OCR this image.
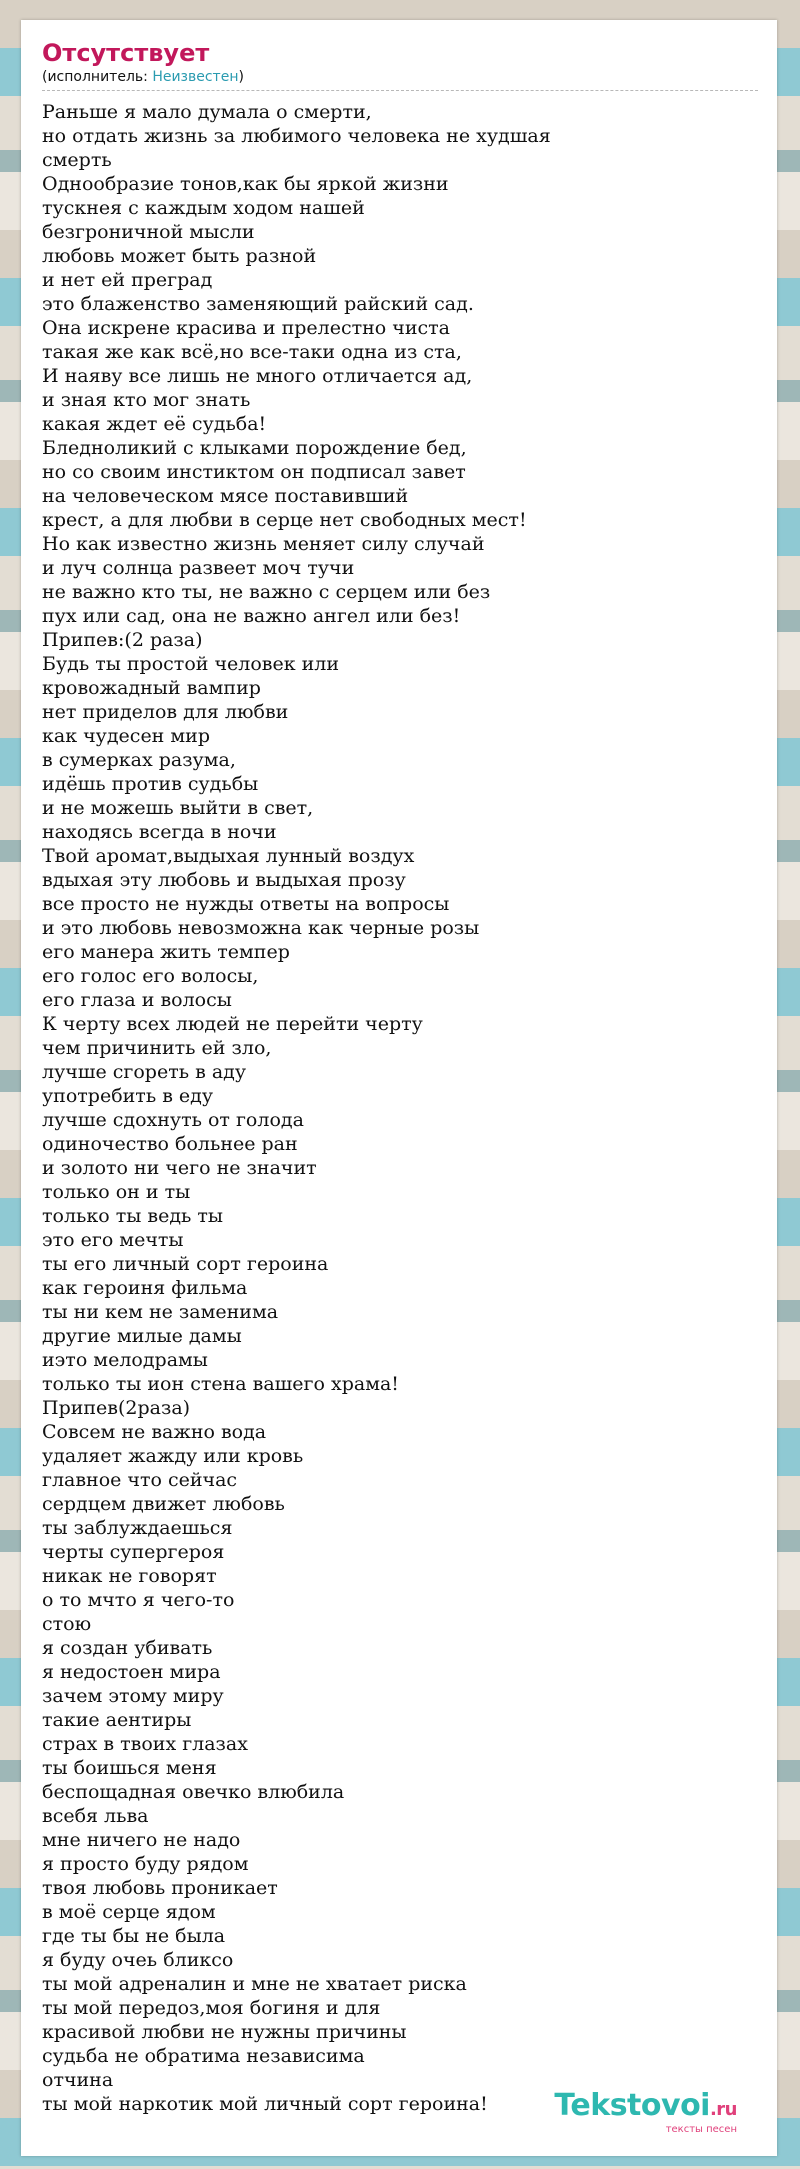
Отсутствует
(исполнитель: Неизвестен)
Раньше я мало думала о смерти,
но отдать жизнь за любимого человека не худшая
смерть
Однообразие тонов,как бы яркой жизни
тускнея с каждым ходом нашей
безгроничной мысли
любовь может быть разной
и нет ей преград
это блаженство заменяющий райский сад.
Она искрене красива и прелестно чиста
такая же как всё,но все-таки одна из ста,
И наяву все лишь не много отличается ад,
и зная кто мог знать
какая ждет её судьба!
Бледноликий с клыками порождение бед,
но со своим инстиктом он подписал завет
на человеческом мясе поставивший
крест, а для любви в серце нет свободных мест!
Но как известно жизнь меняет силу случай
и луч солнца развеет моч тучи
не важно кто ты, не важно с серцем или без
пух или сад, она не важно ангел или без!
Припев:(2 раза)
Будь ты простой человек или
кровожадный вампир
нет приделов для любви
как чудесен мир
в сумерках разума,
идёшь против судьбы
и не можешь выйти в свет,
находясь всегда в ночи
Твой аромат,выдыхая лунный воздух
вдыхая эту любовь и выдыхая прозу
все просто не нужды ответы на вопросы
и это любовь невозможна как черные розы
его манера жить темпер
его голос его волосы,
его глаза и волосы
К черту всех людей не перейти черту
чем причинить ей зло,
лучше сгореть в аду
употребить в еду
лучше сдохнуть от голода
одиночество больнее ран
и золото ни чего не значит
только он и ты
только ты ведь ты
это его мечты
ты его личный сорт героина
как героиня фильма
ты ни кем не заменима
другие милые дамы
иэто мелодрамы
только ты ион стена вашего храма!
Припев(2раза)
Совсем не важно вода
удаляет жажду или кровь
главное что сейчас
сердцем движет любовь
ты заблуждаешься
черты супергероя
никак не говорят
о то мчто я чего-то
стою
я создан убивать
я недостоен мира
зачем этому миру
такие аентиры
страх в твоих глазах
ты боишься меня
беспощадная овечко влюбила
всебя льва
мне ничего не надо
я просто буду рядом
твоя любовь проникает
в моё серце ядом
где ты бы не была
я буду очеь бликсо
ты мой адреналин и мне не хватает риска
ты мой передоз,моя богиня и для
красивой любви не нужны причины
судьба не обратима независима
отчина
ты мой наркотик мой личный сорт героина!	Tekstovoi.ru
тексты песен
